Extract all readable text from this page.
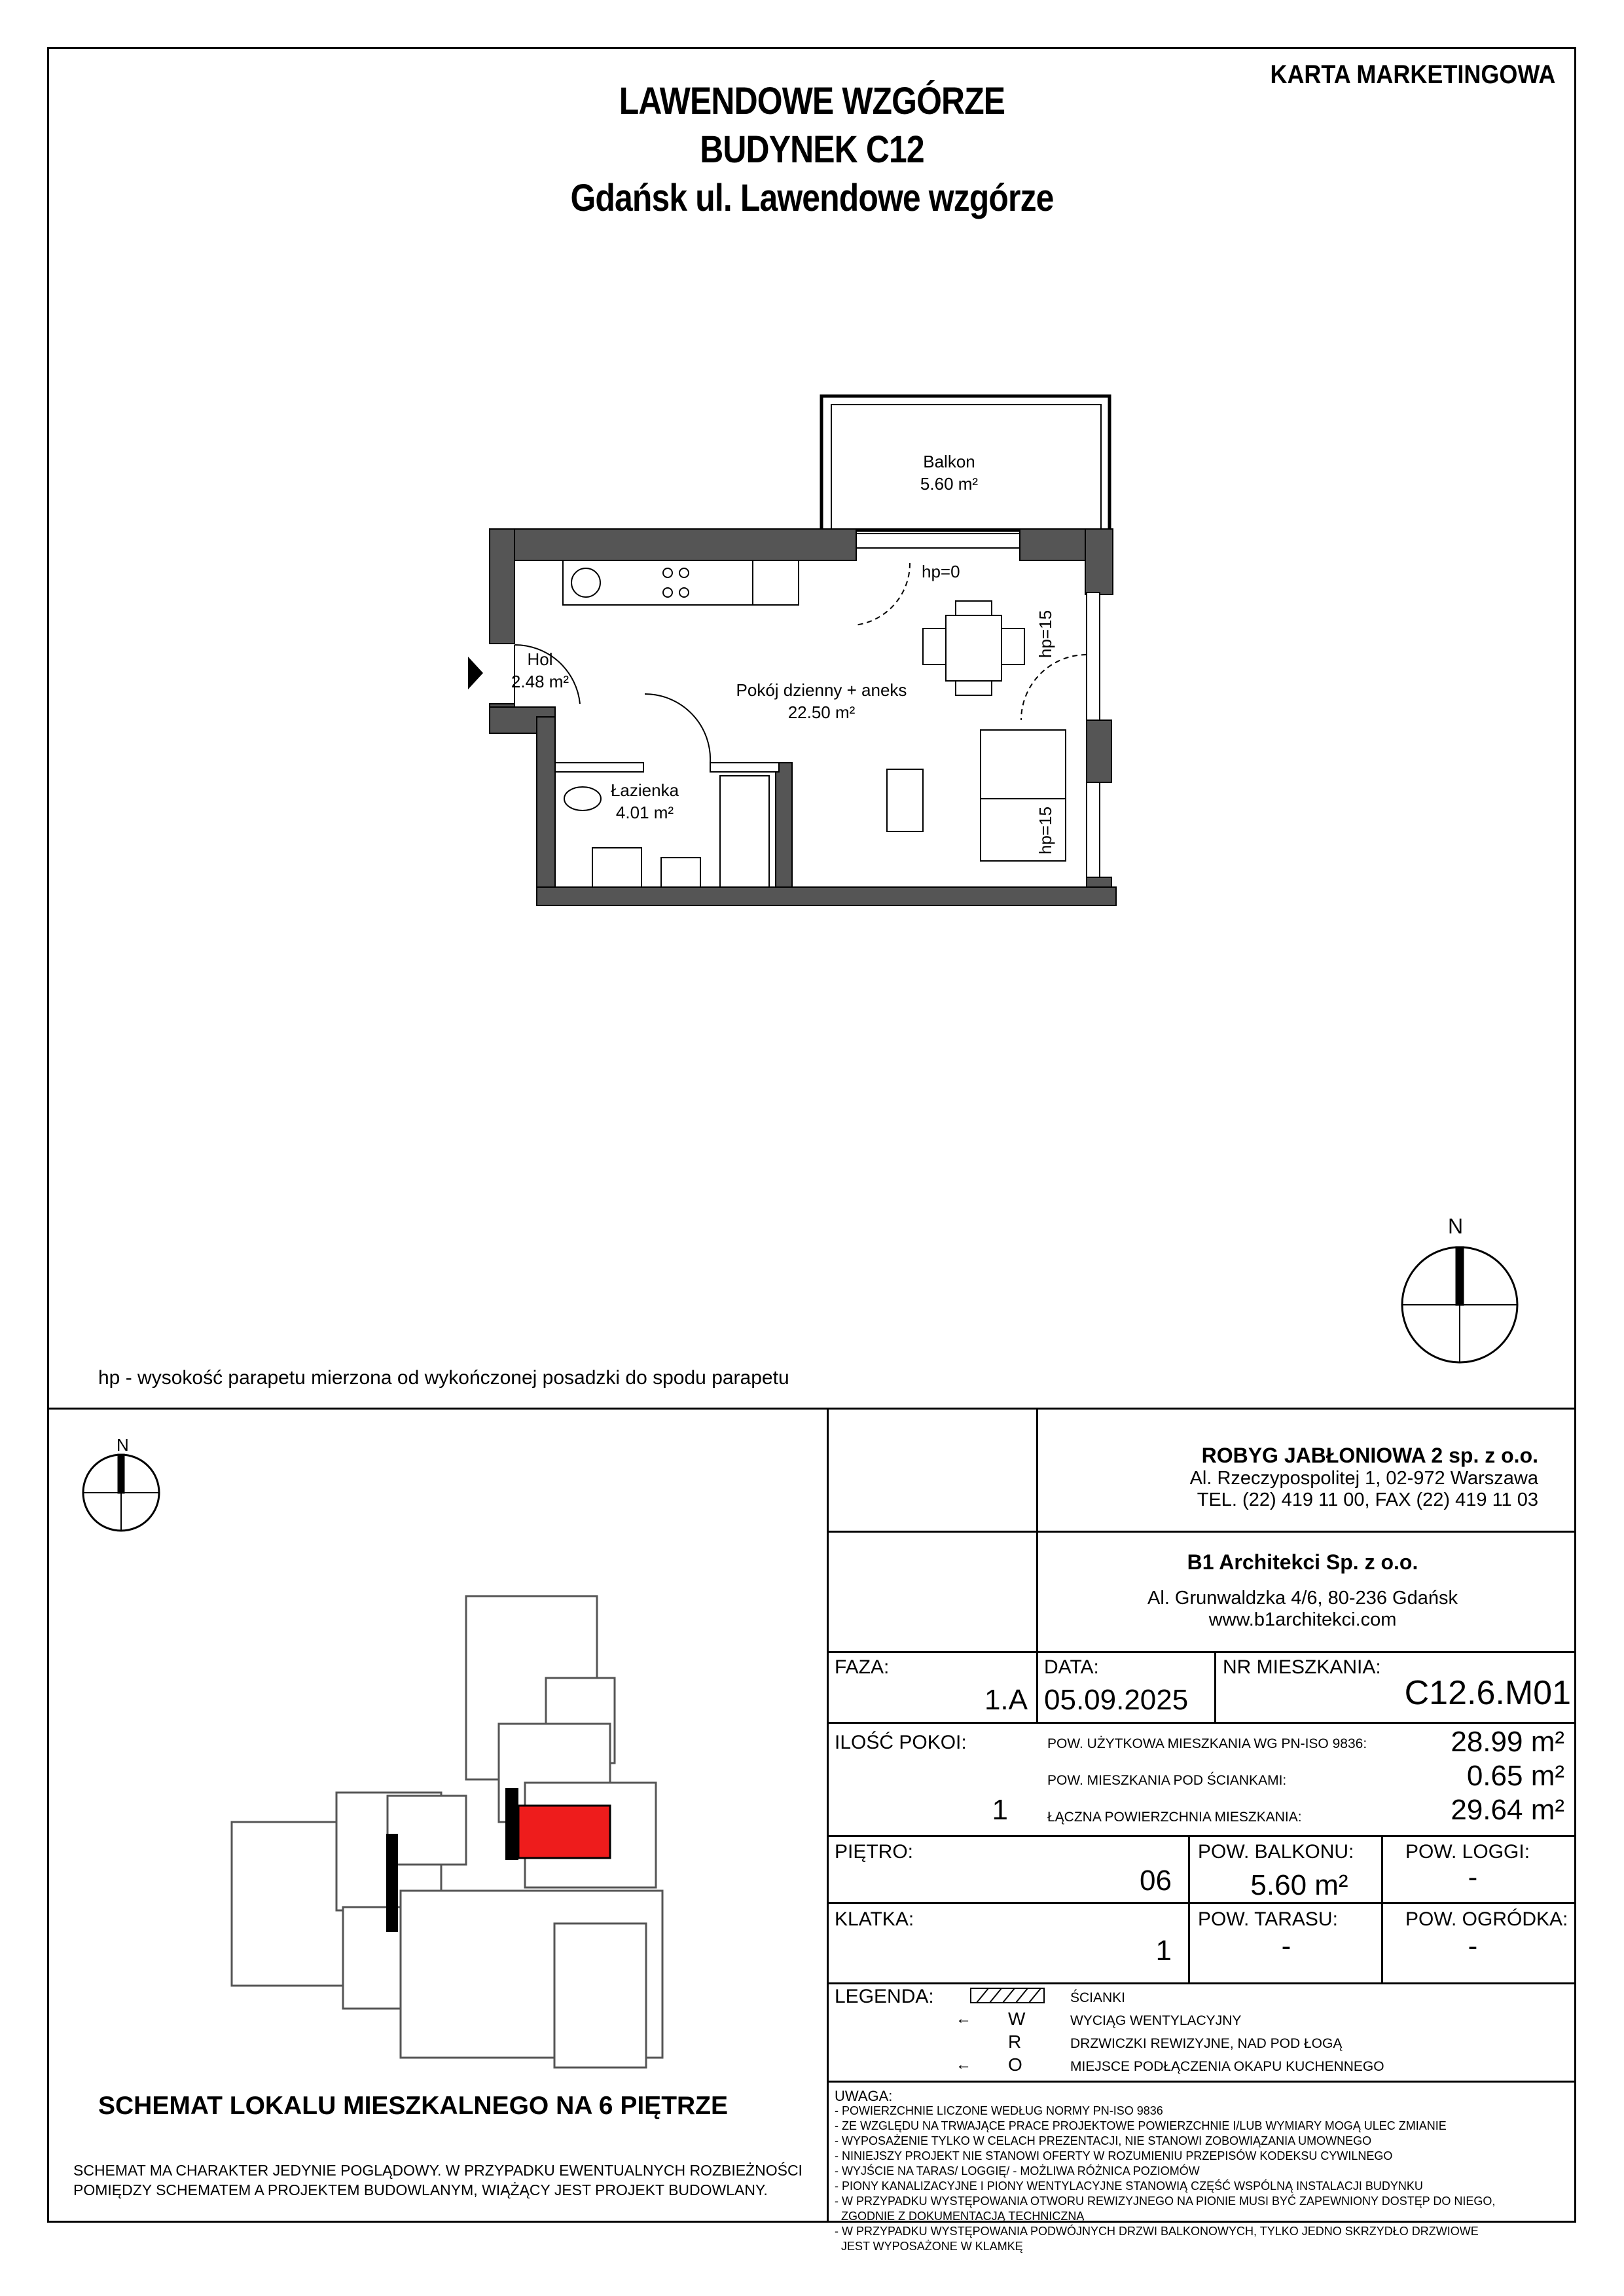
KARTA MARKETINGOWA
LAWENDOWE WZGÓRZE
BUDYNEK C12
Gdańsk ul. Lawendowe wzgórze
N
Balkon
5.60 m²
Hol
2.48 m²	Pokój dzienny + aneks
22.50 m²
Łazienka
4.01 m²
hp=0
hp=15
hp=15
hp - wysokość parapetu mierzona od wykończonej posadzki do spodu parapetu
N
SCHEMAT LOKALU MIESZKALNEGO NA 6 PIĘTRZE
SCHEMAT MA CHARAKTER JEDYNIE POGLĄDOWY. W PRZYPADKU EWENTUALNYCH ROZBIEŻNOŚCI
POMIĘDZY SCHEMATEM A PROJEKTEM BUDOWLANYM, WIĄŻĄCY JEST PROJEKT BUDOWLANY.
ROBYG JABŁONIOWA 2 sp. z o.o.
Al. Rzeczypospolitej 1, 02-972 Warszawa
TEL. (22) 419 11 00, FAX (22) 419 11 03
B1 Architekci Sp. z o.o.
Al. Grunwaldzka 4/6, 80-236 Gdańsk
www.b1architekci.com
FAZA:
1.A
DATA:
05.09.2025
NR MIESZKANIA:
C12.6.M01
ILOŚĆ POKOI:
1
POW. UŻYTKOWA MIESZKANIA WG PN-ISO 9836:	28.99 m²
POW. MIESZKANIA POD ŚCIANKAMI:	0.65 m²
ŁĄCZNA POWIERZCHNIA MIESZKANIA:	29.64 m²
PIĘTRO:
06
POW. BALKONU:
5.60 m²
POW. LOGGI:
-
KLATKA:
1
POW. TARASU:
-
POW. OGRÓDKA:
-
LEGENDA:	ŚCIANKI
← W	WYCIĄG WENTYLACYJNY
R	DRZWICZKI REWIZYJNE, NAD POD ŁOGĄ
← O	MIEJSCE PODŁĄCZENIA OKAPU KUCHENNEGO
UWAGA:
- POWIERZCHNIE LICZONE WEDŁUG NORMY PN-ISO 9836
- ZE WZGLĘDU NA TRWAJĄCE PRACE PROJEKTOWE POWIERZCHNIE I/LUB WYMIARY MOGĄ ULEC ZMIANIE
- WYPOSAŻENIE TYLKO W CELACH PREZENTACJI, NIE STANOWI ZOBOWIĄZANIA UMOWNEGO
- NINIEJSZY PROJEKT NIE STANOWI OFERTY W ROZUMIENIU PRZEPISÓW KODEKSU CYWILNEGO
- WYJŚCIE NA TARAS/ LOGGIĘ/ - MOŻLIWA RÓŻNICA POZIOMÓW
- PIONY KANALIZACYJNE I PIONY WENTYLACYJNE STANOWIĄ CZĘŚĆ WSPÓLNĄ INSTALACJI BUDYNKU
- W PRZYPADKU WYSTĘPOWANIA OTWORU REWIZYJNEGO NA PIONIE MUSI BYĆ ZAPEWNIONY DOSTĘP DO NIEGO,
ZGODNIE Z DOKUMENTACJĄ TECHNICZNĄ
- W PRZYPADKU WYSTĘPOWANIA PODWÓJNYCH DRZWI BALKONOWYCH, TYLKO JEDNO SKRZYDŁO DRZWIOWE
JEST WYPOSAŻONE W KLAMKĘ
